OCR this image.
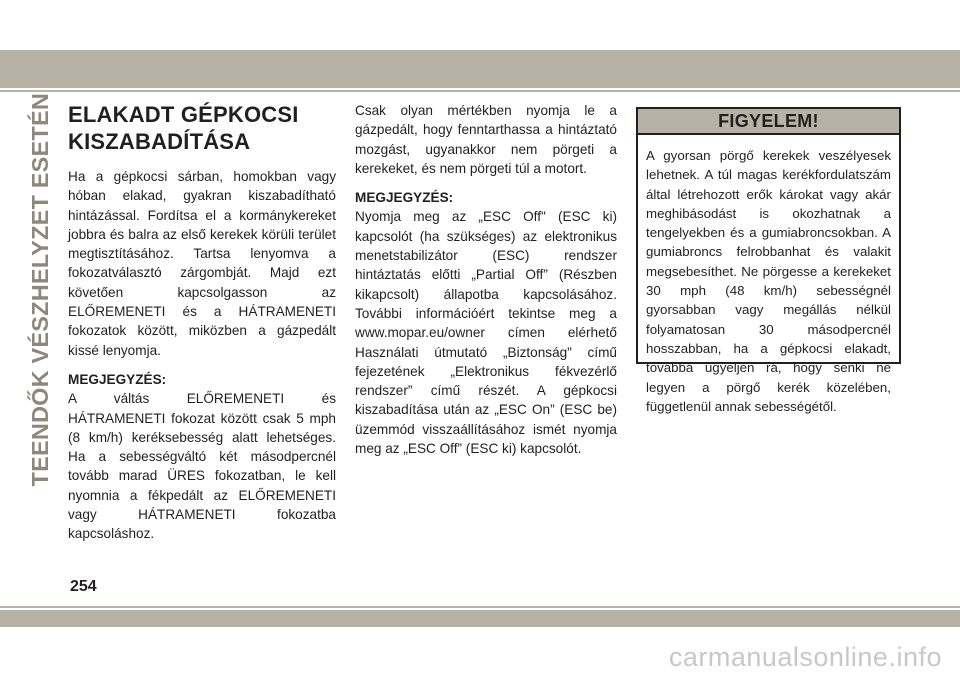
TEENDŐK VÉSZHELYZET ESETÉN ELAKADT GÉPKOCSI
KISZABADÍTÁSA

Ha a gépkocsi sárban, homokban vagy hóban elakad, gyakran kiszabadítható hintázással. Fordítsa el a kormánykereket jobbra és balra az első kerekek körüli terület megtisztításához. Tartsa lenyomva a fokozatválasztó zárgombját. Majd ezt követően kapcsolgasson az ELŐREMENETI és a HÁTRAMENETI fokozatok között, miközben a gázpedált kissé lenyomja.

MEGJEGYZÉS:

A váltás ELŐREMENETI és HÁTRAMENETI fokozat között csak 5 mph (8 km/h) keréksebesség alatt lehetséges. Ha a sebességváltó két másodpercnél tovább marad ÜRES fokozatban, le kell nyomnia a fékpedált az ELŐREMENETI vagy HÁTRAMENETI fokozatba kapcsoláshoz.

Csak olyan mértékben nyomja le a gázpedált, hogy fenntarthassa a hintáztató mozgást, ugyanakkor nem pörgeti a kerekeket, és nem pörgeti túl a motort.

MEGJEGYZÉS:

Nyomja meg az „ESC Off" (ESC ki) kapcsolót (ha szükséges) az elektronikus menetstabilizátor (ESC) rendszer hintáztatás előtti „Partial Off” (Részben kikapcsolt) állapotba kapcsolásához. További információért tekintse meg a www.mopar.eu/owner címen elérhető Használati útmutató „Biztonság” című fejezetének „Elektronikus fékvezérlő rendszer” című részét. A gépkocsi kiszabadítása után az „ESC On” (ESC be) üzemmód visszaállításához ismét nyomja meg az „ESC Off” (ESC ki) kapcsolót.

FIGYELEM!
A gyorsan pörgő kerekek veszélyesek lehetnek. A túl magas kerékfordulatszám által létrehozott erők károkat vagy akár meghibásodást is okozhatnak a tengelyekben és a gumiabroncsokban. A gumiabroncs felrobbanhat és valakit megsebesíthet. Ne pörgesse a kerekeket 30 mph (48 km/h) sebességnél gyorsabban vagy megállás nélkül folyamatosan 30 másodpercnél hosszabban, ha a gépkocsi elakadt, továbbá ügyeljen rá, hogy senki ne legyen a pörgő kerék közelében, függetlenül annak sebességétől.
254
carmanualsonline.info
